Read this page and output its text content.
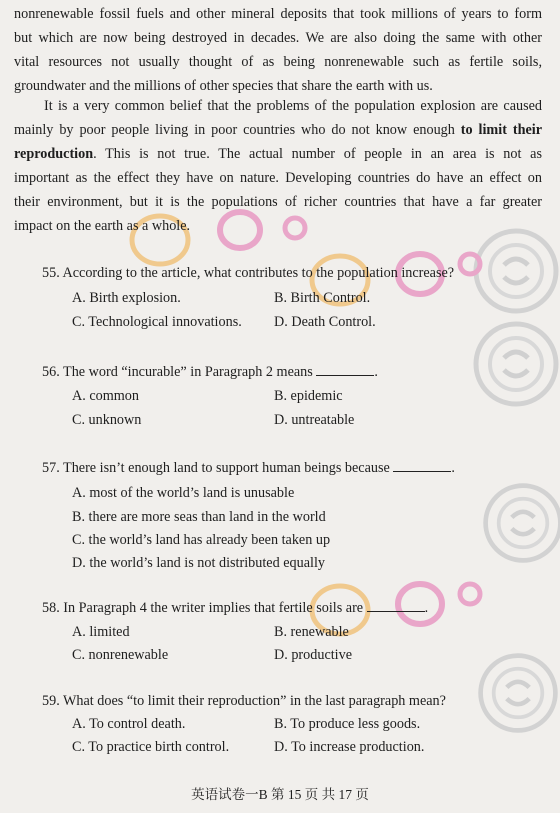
nonrenewable fossil fuels and other mineral deposits that took millions of years to form
but which are now being destroyed in decades. We are also doing the same with other
vital resources not usually thought of as being nonrenewable such as fertile soils,
groundwater and the millions of other species that share the earth with us.
It is a very common belief that the problems of the population explosion are caused
mainly by poor people living in poor countries who do not know enough to limit their
reproduction. This is not true. The actual number of people in an area is not as
important as the effect they have on nature. Developing countries do have an effect on
their environment, but it is the populations of richer countries that have a far greater
impact on the earth as a whole.
55. According to the article, what contributes to the population increase?
A. Birth explosion.	B. Birth Control.
C. Technological innovations. D. Death Control.
56. The word “incurable” in Paragraph 2 means	.
A. common	B. epidemic
C. unknown	D. untreatable
57. There isn’t enough land to support human beings because	.
A. most of the world’s land is unusable
B. there are more seas than land in the world
C. the world’s land has already been taken up
D. the world’s land is not distributed equally
58. In Paragraph 4 the writer implies that fertile soils are	.
A. limited	B. renewable
C. nonrenewable	D. productive
59. What does “to limit their reproduction” in the last paragraph mean?
A. To control death.	B. To produce less goods.
C. To practice birth control.	D. To increase production.
英语试卷一B 第 15 页 共 17 页
